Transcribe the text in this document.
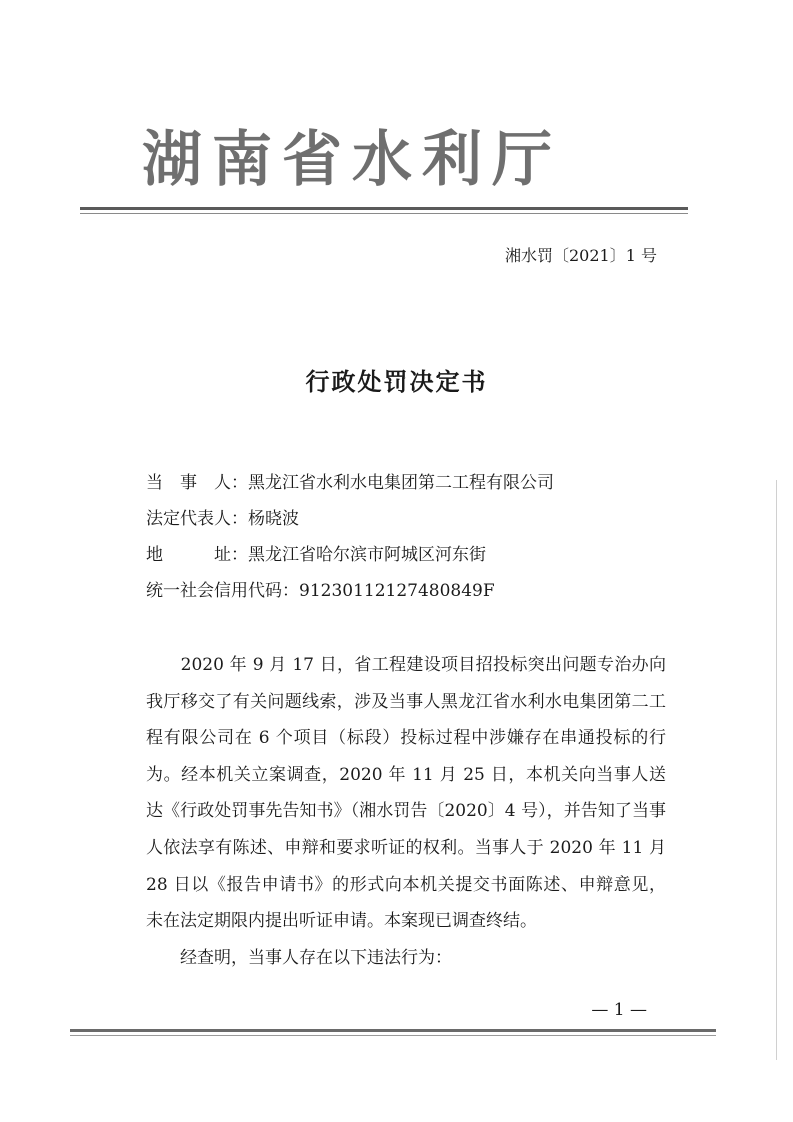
湖南省水利厅
湘水罚〔2021〕1 号
行政处罚决定书
当　事　人：黑龙江省水利水电集团第二工程有限公司
法定代表人：杨晓波
地　　　址：黑龙江省哈尔滨市阿城区河东街
统一社会信用代码：91230112127480849F

　　2020 年 9 月 17 日，省工程建设项目招投标突出问题专治办向我厅移交了有关问题线索，涉及当事人黑龙江省水利水电集团第二工程有限公司在 6 个项目（标段）投标过程中涉嫌存在串通投标的行为。经本机关立案调查，2020 年 11 月 25 日，本机关向当事人送达《行政处罚事先告知书》（湘水罚告〔2020〕4 号），并告知了当事人依法享有陈述、申辩和要求听证的权利。当事人于 2020 年 11 月 28 日以《报告申请书》的形式向本机关提交书面陈述、申辩意见，未在法定期限内提出听证申请。本案现已调查终结。

　　经查明，当事人存在以下违法行为：

— 1 —
